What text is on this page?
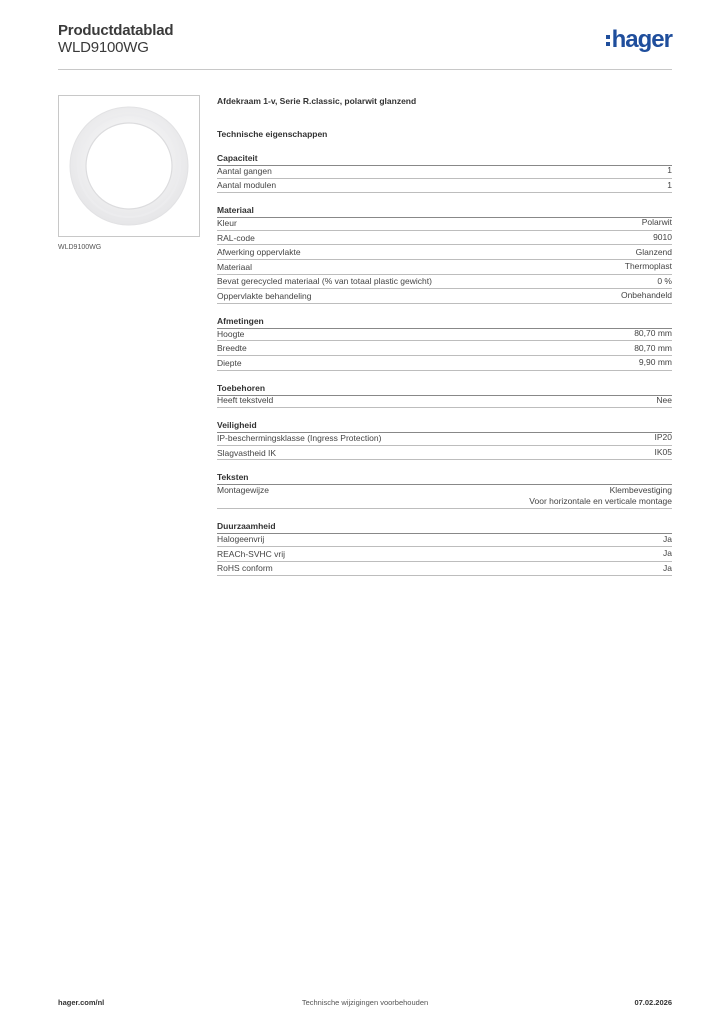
Productdatablad
WLD9100WG	hager
WLD9100WG
Afdekraam 1-v, Serie R.classic, polarwit glanzend
Technische eigenschappen
Capaciteit
Aantal gangen	1
Aantal modulen	1
Materiaal
Kleur	Polarwit
RAL-code	9010
Afwerking oppervlakte	Glanzend
Materiaal	Thermoplast
Bevat gerecycled materiaal (% van totaal plastic gewicht)	0 %
Oppervlakte behandeling	Onbehandeld
Afmetingen
Hoogte	80,70 mm
Breedte	80,70 mm
Diepte	9,90 mm
Toebehoren
Heeft tekstveld	Nee
Veiligheid
IP-beschermingsklasse (Ingress Protection)	IP20
Slagvastheid IK	IK05
Teksten
Montagewijze	Klembevestiging
Voor horizontale en verticale montage
Duurzaamheid
Halogeenvrij	Ja
REACh-SVHC vrij	Ja
RoHS conform	Ja
hager.com/nl	Technische wijzigingen voorbehouden	07.02.2026
